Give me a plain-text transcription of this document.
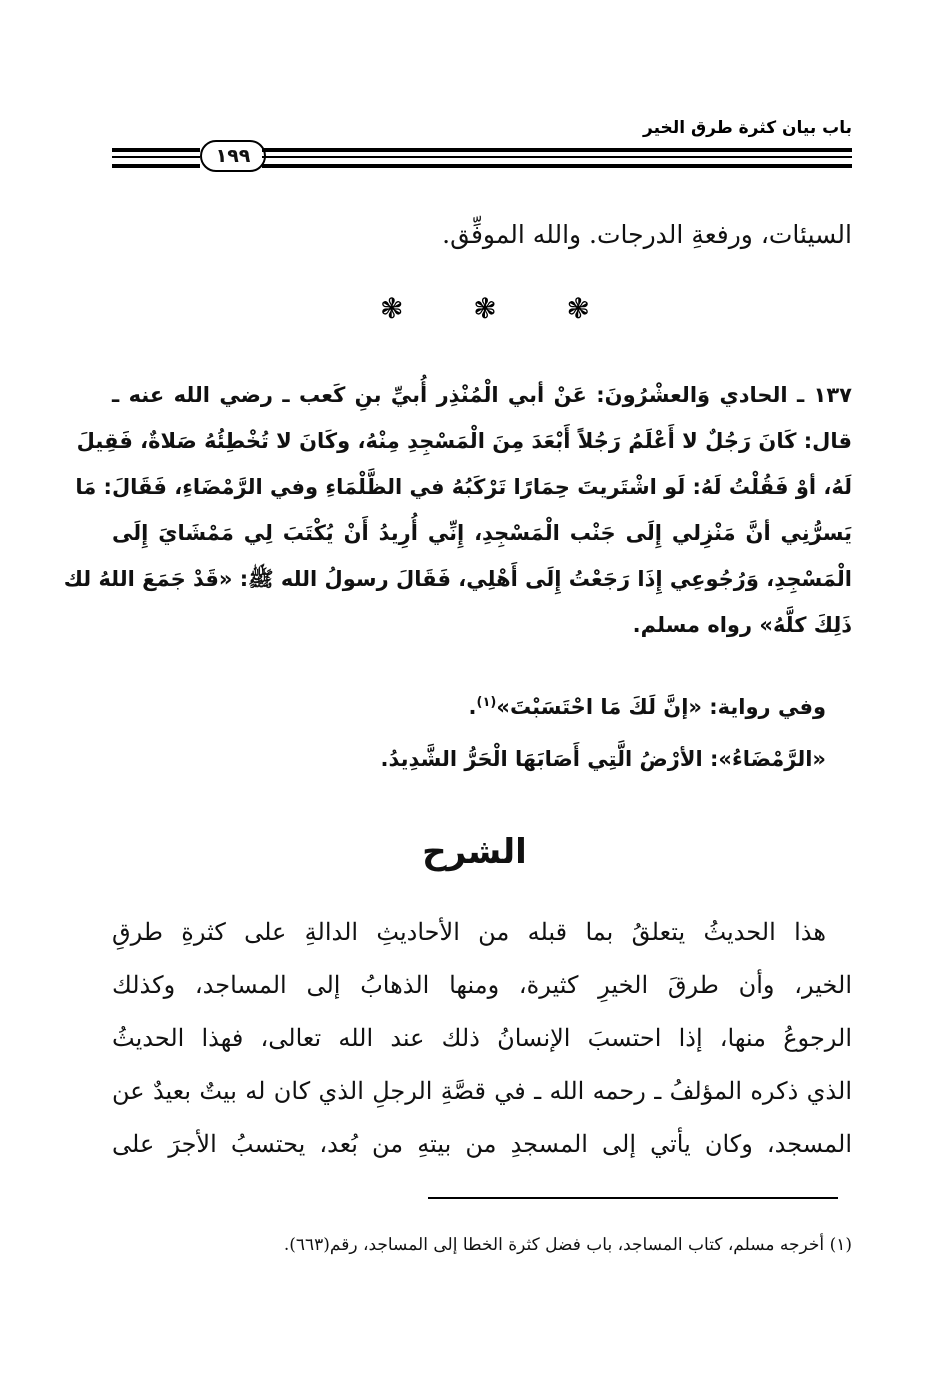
باب بيان كثرة طرق الخير
١٩٩
السيئات، ورفعةِ الدرجات. والله الموفِّق.
❃ ❃ ❃
١٣٧ ـ الحادي وَالعشْرُونَ: عَنْ أبي الْمُنْذِر أُبيِّ بنِ كَعب ـ رضي الله عنه ـ
قال: كَانَ رَجُلٌ لا أَعْلَمُ رَجُلاً أَبْعَدَ مِنَ الْمَسْجِدِ مِنْهُ، وكَانَ لا تُخْطِئُهُ صَلاةٌ، فَقِيلَ
لَهُ، أوْ فَقُلْتُ لَهُ: لَو اشْتَريتَ حِمَارًا تَرْكَبُهُ في الظَّلْمَاءِ وفي الرَّمْضَاءِ، فَقَالَ: مَا
يَسرُّنِي أنَّ مَنْزِلي إِلَى جَنْب الْمَسْجِدِ، إِنِّي أُرِيدُ أَنْ يُكْتَبَ لِي مَمْشَايَ إِلَى
الْمَسْجِدِ، وَرُجُوعِي إِذَا رَجَعْتُ إِلَى أَهْلِي، فَقَالَ رسولُ الله ﷺ: «قَدْ جَمَعَ اللهُ لك
ذَلِكَ كلَّهُ» رواه مسلم.
وفي رواية: «إنَّ لَكَ مَا احْتَسَبْتَ»$^{(١)}$.
«الرَّمْضَاءُ»: الأرْضُ الَّتِي أَصَابَهَا الْحَرُّ الشَّدِيدُ.
الشرح
هذا الحديثُ يتعلقُ بما قبله من الأحاديثِ الدالةِ على كثرةِ طرقِ
الخير، وأن طرقَ الخيرِ كثيرة، ومنها الذهابُ إلى المساجد، وكذلك
الرجوعُ منها، إذا احتسبَ الإنسانُ ذلك عند الله تعالى، فهذا الحديثُ
الذي ذكره المؤلفُ ـ رحمه الله ـ في قصَّةِ الرجلِ الذي كان له بيتٌ بعيدٌ عن
المسجد، وكان يأتي إلى المسجدِ من بيتهِ من بُعد، يحتسبُ الأجرَ على
(١) أخرجه مسلم، كتاب المساجد، باب فضل كثرة الخطا إلى المساجد، رقم(٦٦٣).
